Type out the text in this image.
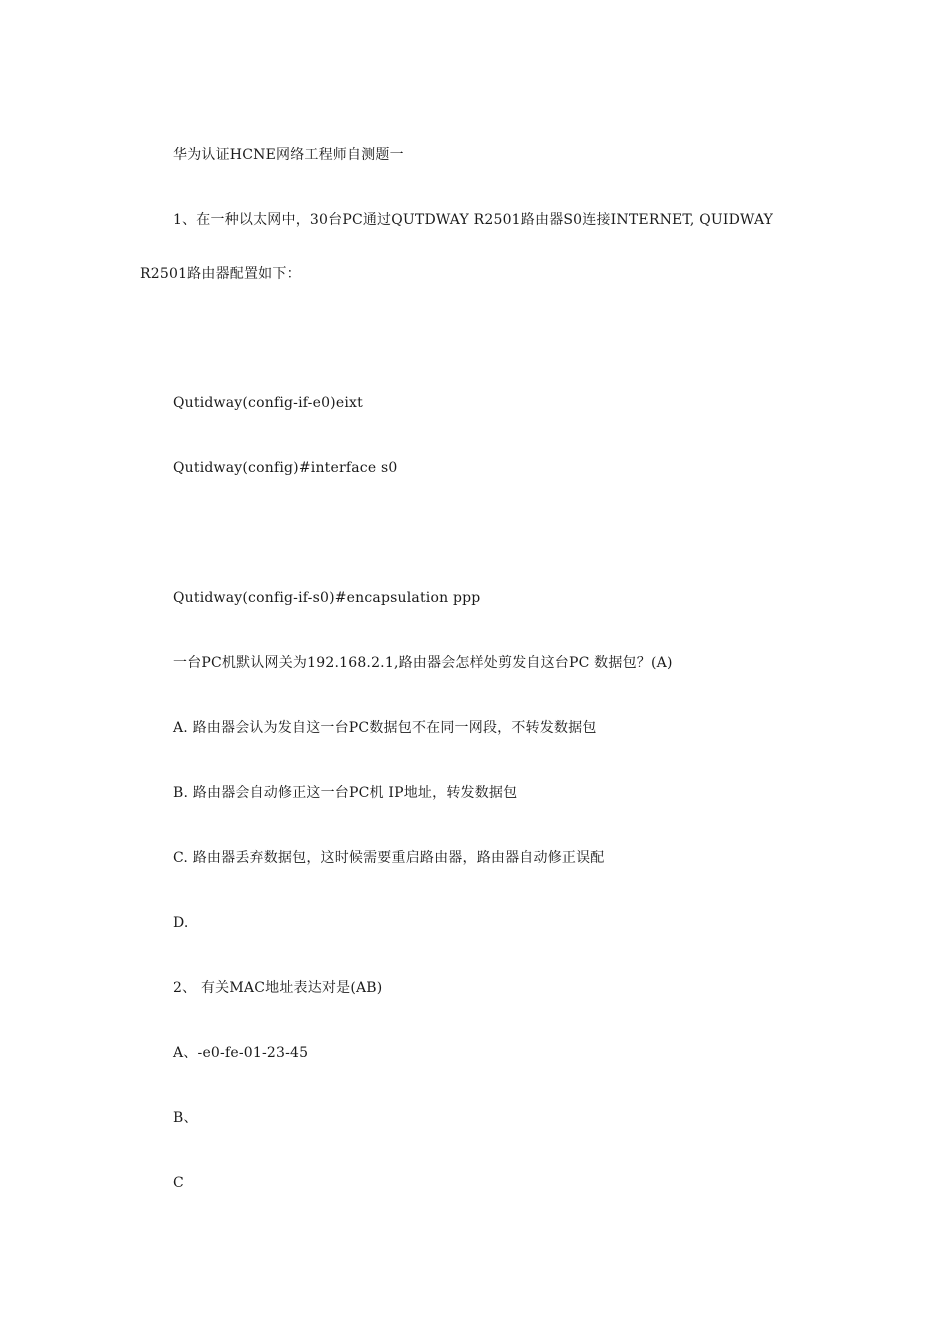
华为认证HCNE网络工程师自测题一
1、在一种以太网中，30台PC通过QUTDWAY R2501路由器S0连接INTERNET, QUIDWAY
R2501路由器配置如下：
Qutidway(config-if-e0)eixt
Qutidway(config)#interface s0
Qutidway(config-if-s0)#encapsulation ppp
一台PC机默认网关为192.168.2.1,路由器会怎样处剪发自这台PC 数据包？(A)
A. 路由器会认为发自这一台PC数据包不在同一网段，不转发数据包
B. 路由器会自动修正这一台PC机 IP地址，转发数据包
C. 路由器丢弃数据包，这时候需要重启路由器，路由器自动修正误配
D.
2、 有关MAC地址表达对是(AB)
A、-e0-fe-01-23-45
B、
C
